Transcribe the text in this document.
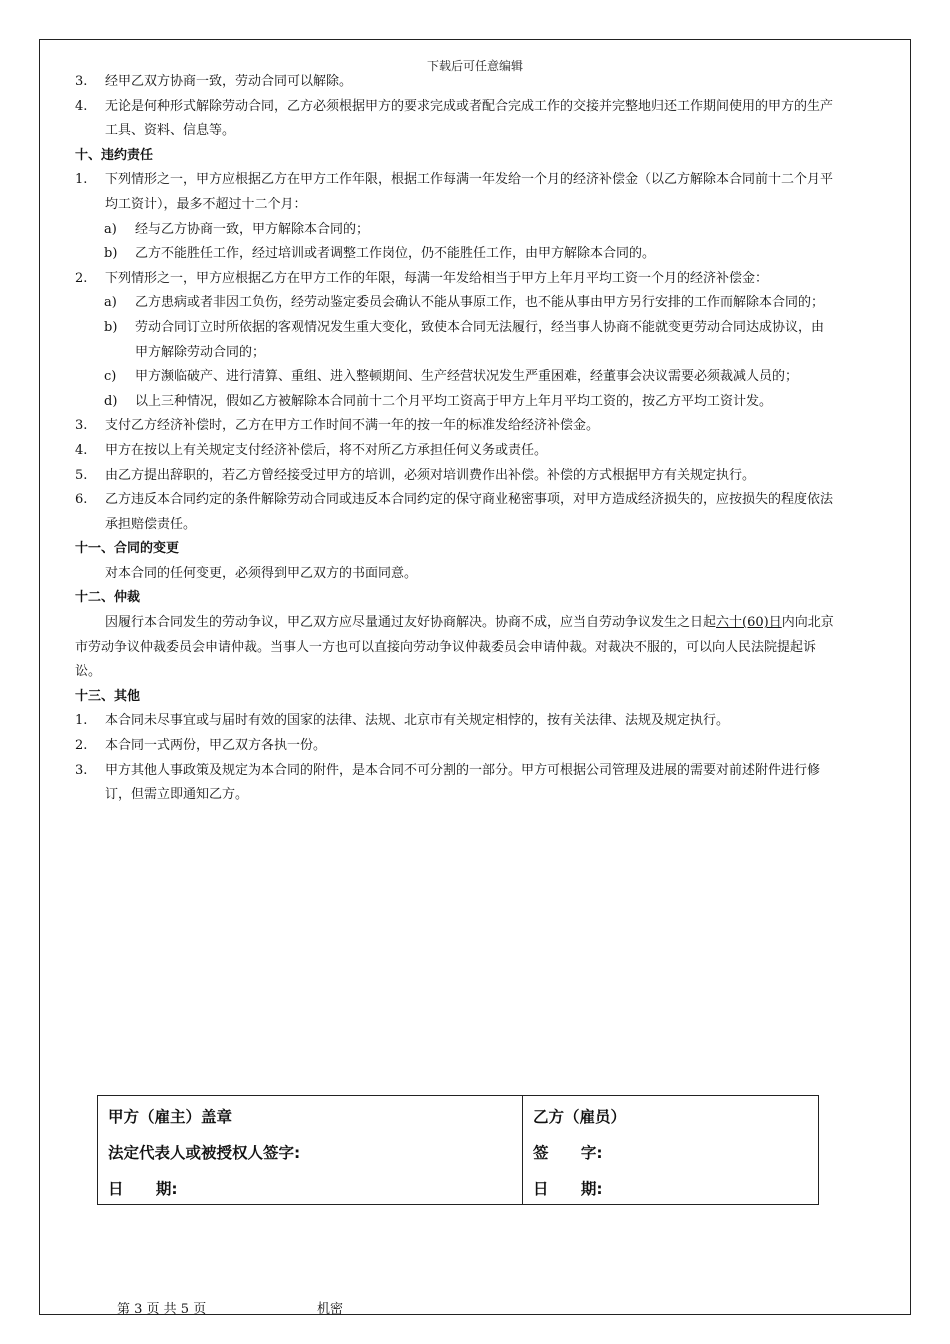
下载后可任意编辑
3. 经甲乙双方协商一致，劳动合同可以解除。
4. 无论是何种形式解除劳动合同，乙方必须根据甲方的要求完成或者配合完成工作的交接并完整地归还工作期间使用的甲方的生产工具、资料、信息等。
十、违约责任
1. 下列情形之一，甲方应根据乙方在甲方工作年限，根据工作每满一年发给一个月的经济补偿金（以乙方解除本合同前十二个月平均工资计），最多不超过十二个月：
a) 经与乙方协商一致，甲方解除本合同的；
b) 乙方不能胜任工作，经过培训或者调整工作岗位，仍不能胜任工作，由甲方解除本合同的。
2. 下列情形之一，甲方应根据乙方在甲方工作的年限，每满一年发给相当于甲方上年月平均工资一个月的经济补偿金：
a) 乙方患病或者非因工负伤，经劳动鉴定委员会确认不能从事原工作，也不能从事由甲方另行安排的工作而解除本合同的；
b) 劳动合同订立时所依据的客观情况发生重大变化，致使本合同无法履行，经当事人协商不能就变更劳动合同达成协议，由甲方解除劳动合同的；
c) 甲方濒临破产、进行清算、重组、进入整顿期间、生产经营状况发生严重困难，经董事会决议需要必须裁减人员的；
d) 以上三种情况，假如乙方被解除本合同前十二个月平均工资高于甲方上年月平均工资的，按乙方平均工资计发。
3. 支付乙方经济补偿时，乙方在甲方工作时间不满一年的按一年的标准发给经济补偿金。
4. 甲方在按以上有关规定支付经济补偿后，将不对所乙方承担任何义务或责任。
5. 由乙方提出辞职的，若乙方曾经接受过甲方的培训，必须对培训费作出补偿。补偿的方式根据甲方有关规定执行。
6. 乙方违反本合同约定的条件解除劳动合同或违反本合同约定的保守商业秘密事项，对甲方造成经济损失的，应按损失的程度依法承担赔偿责任。
十一、合同的变更
对本合同的任何变更，必须得到甲乙双方的书面同意。
十二、仲裁
因履行本合同发生的劳动争议，甲乙双方应尽量通过友好协商解决。协商不成，应当自劳动争议发生之日起六十(60)日内向北京市劳动争议仲裁委员会申请仲裁。当事人一方也可以直接向劳动争议仲裁委员会申请仲裁。对裁决不服的，可以向人民法院提起诉讼。
十三、其他
1. 本合同未尽事宜或与届时有效的国家的法律、法规、北京市有关规定相悖的，按有关法律、法规及规定执行。
2. 本合同一式两份，甲乙双方各执一份。
3. 甲方其他人事政策及规定为本合同的附件，是本合同不可分割的一部分。甲方可根据公司管理及进展的需要对前述附件进行修订，但需立即通知乙方。
甲方（雇主）盖章
法定代表人或被授权人签字:
日      期:
乙方（雇员）
签      字:
日      期:
第 3 页 共 5 页	机密
